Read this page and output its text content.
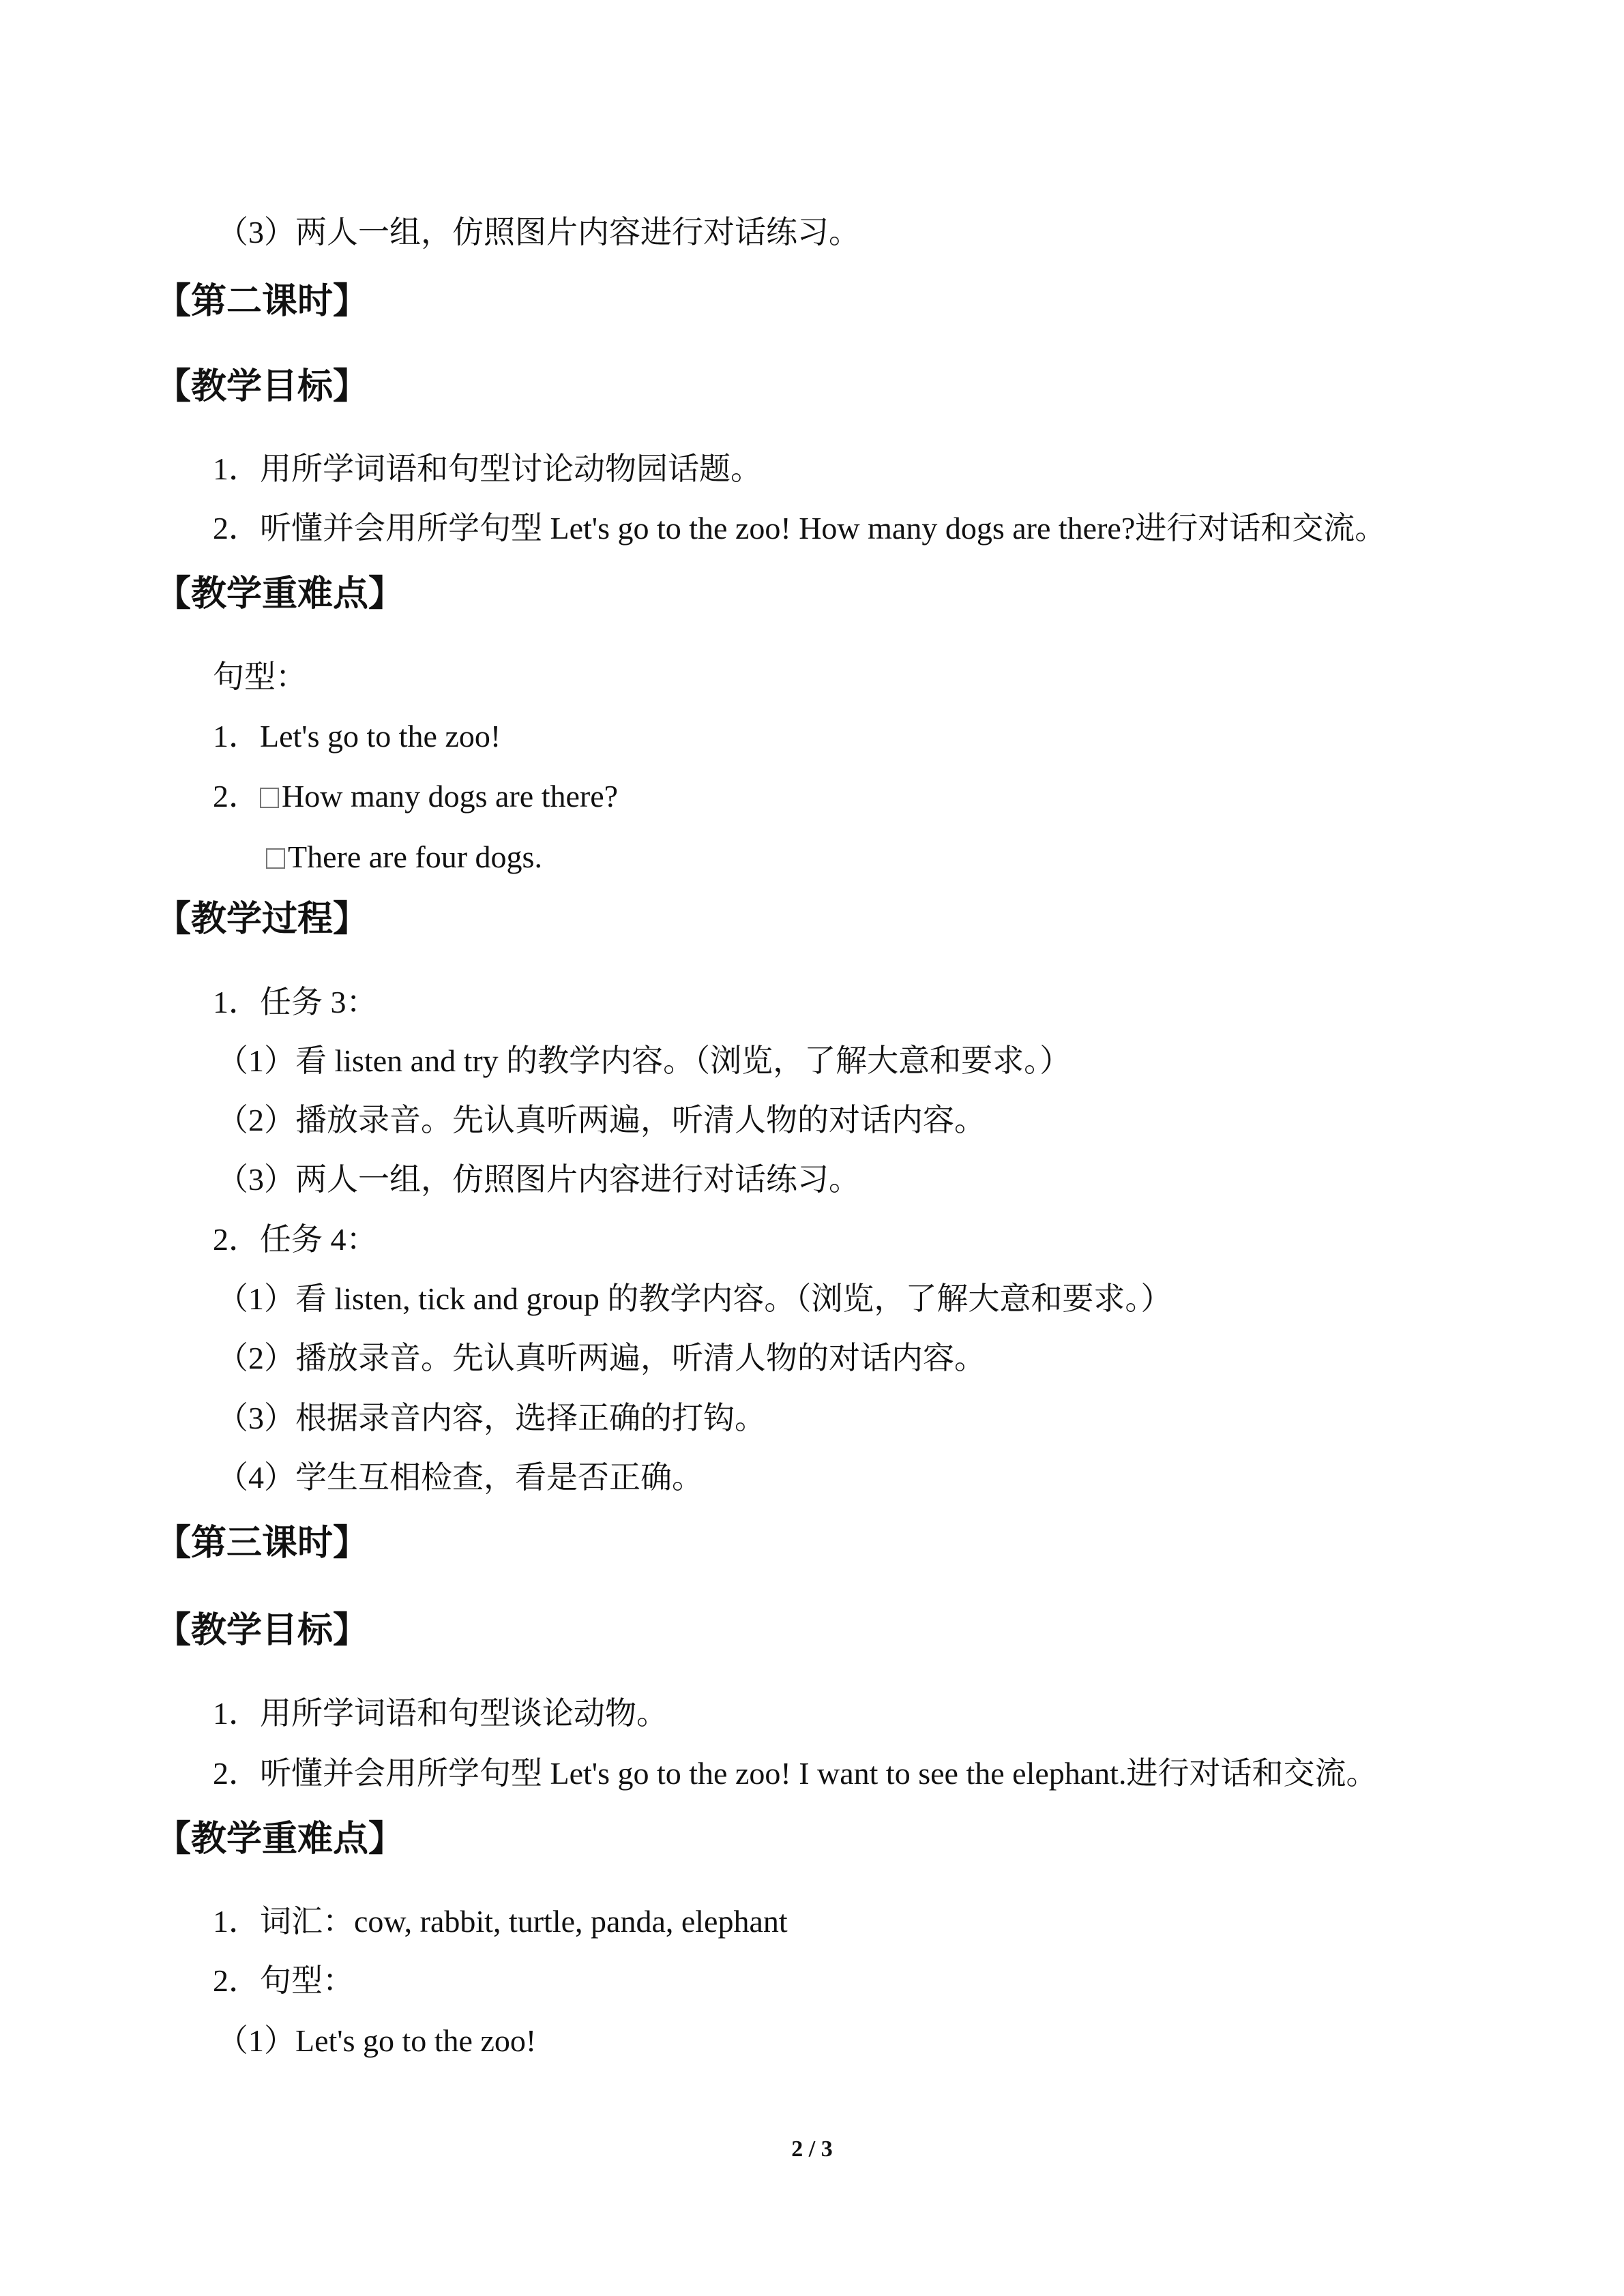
（3）两人一组，仿照图片内容进行对话练习。
【第二课时】
【教学目标】
1．用所学词语和句型讨论动物园话题。
2．听懂并会用所学句型 Let's go to the zoo! How many dogs are there?进行对话和交流。
【教学重难点】
句型：
1．Let's go to the zoo!
2． How many dogs are there?
There are four dogs.
【教学过程】
1．任务 3：
（1）看 listen and try 的教学内容。（浏览，了解大意和要求。）
（2）播放录音。先认真听两遍，听清人物的对话内容。
（3）两人一组，仿照图片内容进行对话练习。
2．任务 4：
（1）看 listen, tick and group 的教学内容。（浏览，了解大意和要求。）
（2）播放录音。先认真听两遍，听清人物的对话内容。
（3）根据录音内容，选择正确的打钩。
（4）学生互相检查，看是否正确。
【第三课时】
【教学目标】
1．用所学词语和句型谈论动物。
2．听懂并会用所学句型 Let's go to the zoo! I want to see the elephant.进行对话和交流。
【教学重难点】
1．词汇：cow, rabbit, turtle, panda, elephant
2．句型：
（1）Let's go to the zoo!
2 / 3
